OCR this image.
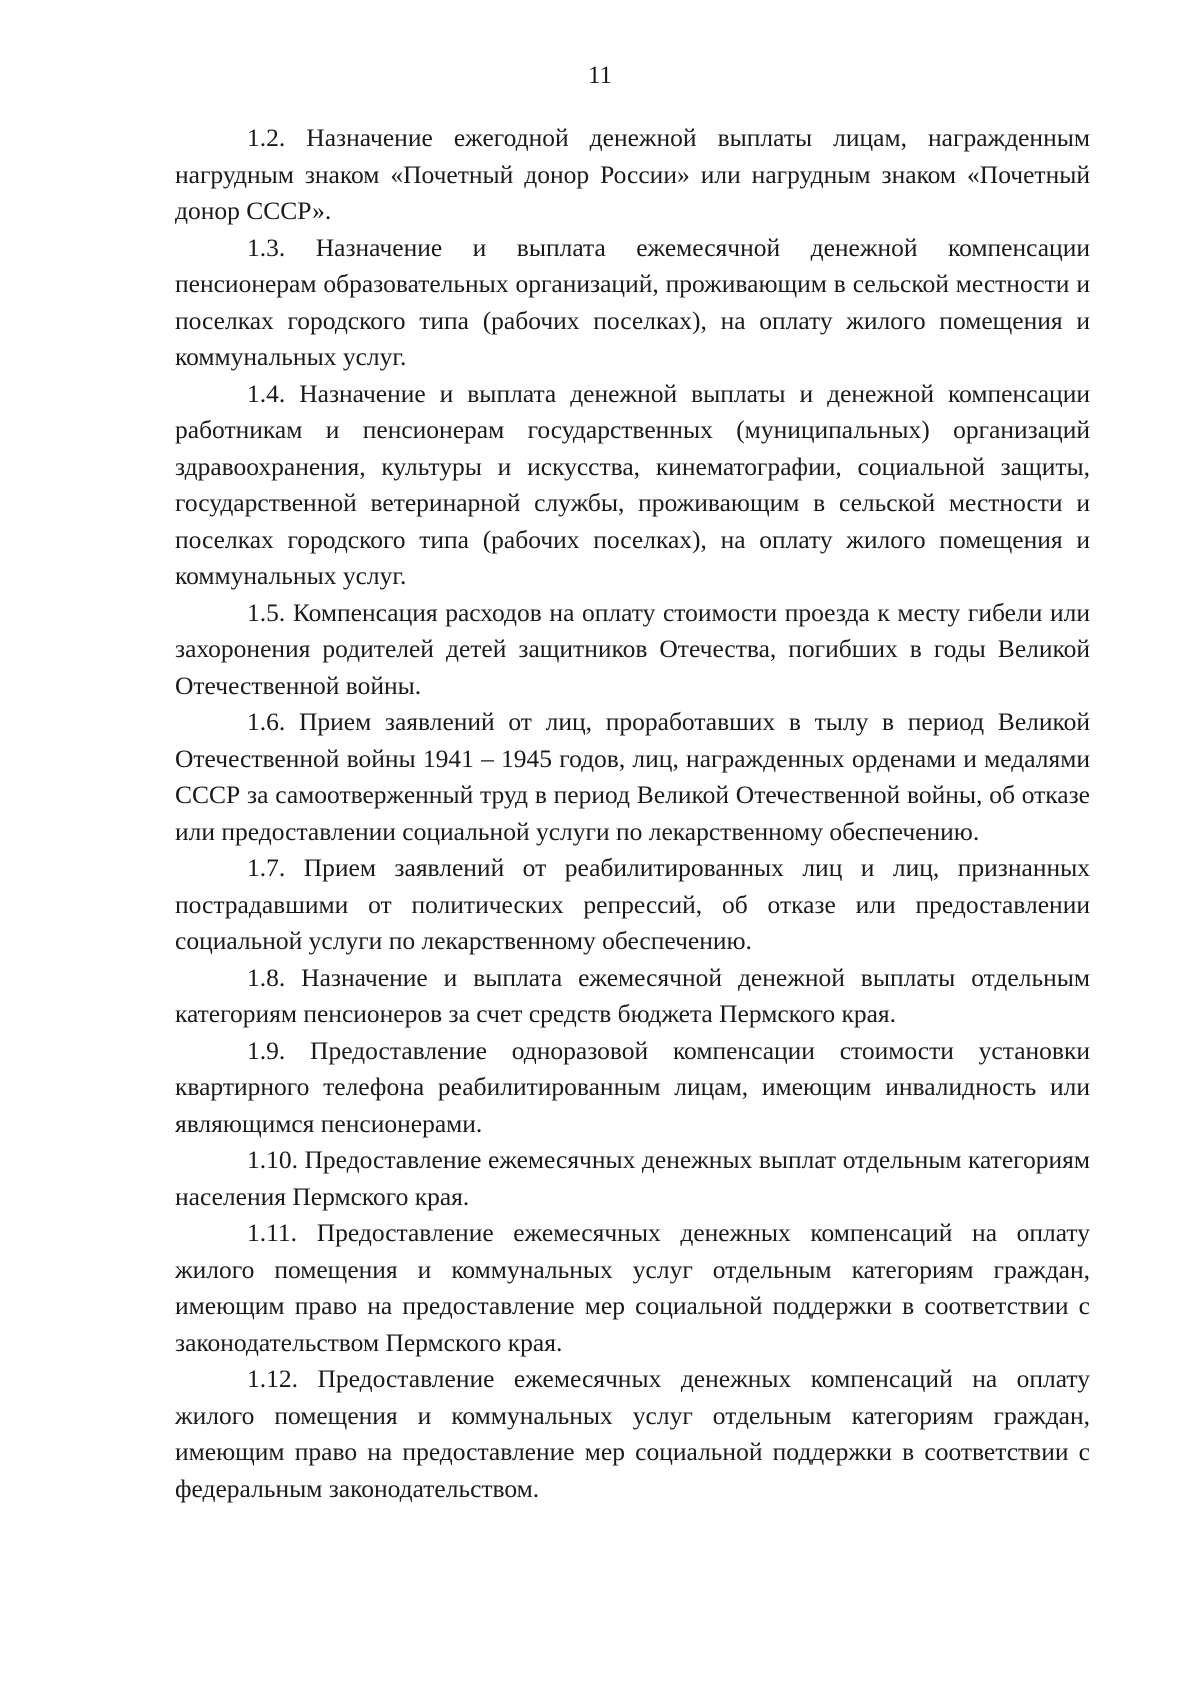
11

1.2. Назначение ежегодной денежной выплаты лицам, награжденным нагрудным знаком «Почетный донор России» или нагрудным знаком «Почетный донор СССР».

1.3. Назначение и выплата ежемесячной денежной компенсации пенсионерам образовательных организаций, проживающим в сельской местности и поселках городского типа (рабочих поселках), на оплату жилого помещения и коммунальных услуг.

1.4. Назначение и выплата денежной выплаты и денежной компенсации работникам и пенсионерам государственных (муниципальных) организаций здравоохранения, культуры и искусства, кинематографии, социальной защиты, государственной ветеринарной службы, проживающим в сельской местности и поселках городского типа (рабочих поселках), на оплату жилого помещения и коммунальных услуг.

1.5. Компенсация расходов на оплату стоимости проезда к месту гибели или захоронения родителей детей защитников Отечества, погибших в годы Великой Отечественной войны.

1.6. Прием заявлений от лиц, проработавших в тылу в период Великой Отечественной войны 1941 – 1945 годов, лиц, награжденных орденами и медалями СССР за самоотверженный труд в период Великой Отечественной войны, об отказе или предоставлении социальной услуги по лекарственному обеспечению.

1.7. Прием заявлений от реабилитированных лиц и лиц, признанных пострадавшими от политических репрессий, об отказе или предоставлении социальной услуги по лекарственному обеспечению.

1.8. Назначение и выплата ежемесячной денежной выплаты отдельным категориям пенсионеров за счет средств бюджета Пермского края.

1.9. Предоставление одноразовой компенсации стоимости установки квартирного телефона реабилитированным лицам, имеющим инвалидность или являющимся пенсионерами.

1.10. Предоставление ежемесячных денежных выплат отдельным категориям населения Пермского края.

1.11. Предоставление ежемесячных денежных компенсаций на оплату жилого помещения и коммунальных услуг отдельным категориям граждан, имеющим право на предоставление мер социальной поддержки в соответствии с законодательством Пермского края.

1.12. Предоставление ежемесячных денежных компенсаций на оплату жилого помещения и коммунальных услуг отдельным категориям граждан, имеющим право на предоставление мер социальной поддержки в соответствии с федеральным законодательством.
